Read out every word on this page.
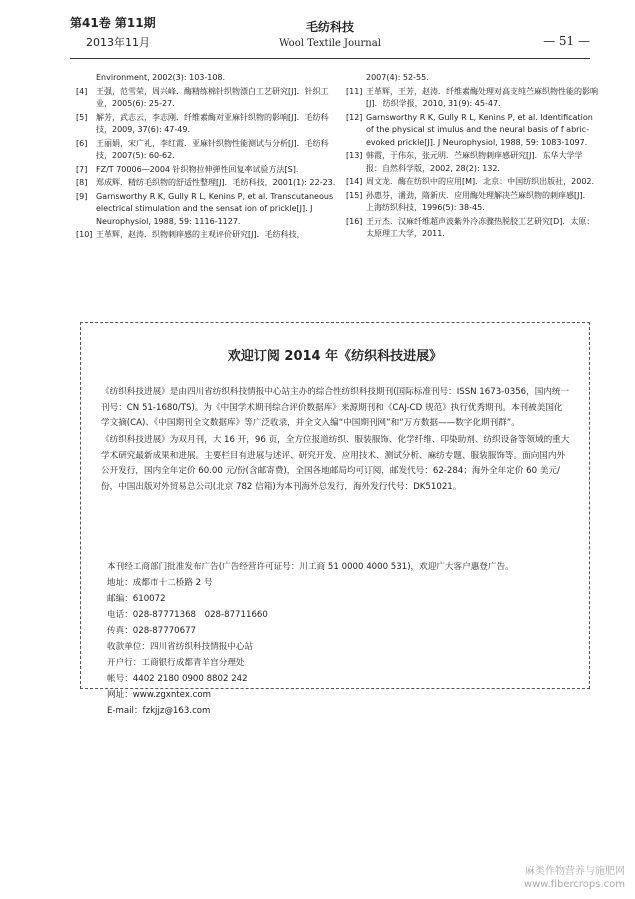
第41卷 第11期
2013年11月
毛纺科技
Wool Textile Journal	— 51 —
Environment, 2002(3): 103-108.
[4]	王强，范雪荣，周兴峰．酶精练棉针织物漂白工艺研究[J]．针织工业，2005(6): 25-27.
[5]	解芳，武志云，李志刚．纤维素酶对亚麻针织物的影响[J]．毛纺科技，2009, 37(6): 47-49.
[6]	王丽娟，宋广礼，李红霞．亚麻针织物性能测试与分析[J]．毛纺科技，2007(5): 60-62.
[7]	FZ/T 70006—2004 针织物拉伸弹性回复率试验方法[S].
[8]	郑成辉．精纺毛织物的舒适性整理[J]．毛纺科技，2001(1): 22-23.
[9]	Garnsworthy R K, Gully R L, Kenins P, et al. Transcutaneous electrical stimulation and the sensat ion of prickle[J]. J Neurophysiol, 1988, 59: 1116-1127.
[10] 王革辉，赵涛．织物刺痒感的主观评价研究[J]．毛纺科技，
2007(4): 52-55.
[11] 王革辉，王芳，赵涛．纤维素酶处理对高支纯苎麻织物性能的影响[J]．纺织学报，2010, 31(9): 45-47.
[12] Garnsworthy R K, Gully R L, Kenins P, et al. Identification of the physical st imulus and the neural basis of f abric-evoked prickle[J]. J Neurophysiol, 1988, 59: 1083-1097.
[13] 韩霞，于伟东，张元明．苎麻织物刺痒感研究[J]．东华大学学报：自然科学版，2002, 28(2): 132.
[14] 周文龙．酶在纺织中的应用[M]．北京：中国纺织出版社，2002.
[15] 孙惠芬，潘劲，隋新庆．应用酶处理解决苎麻织物的刺痒感[J]．上海纺织科技，1996(5): 38-45.
[16] 王亓杰．汉麻纤维超声波紫外冷冻骤热脱胶工艺研究[D]．太原：太原理工大学，2011.
欢迎订阅 2014 年《纺织科技进展》
《纺织科技进展》是由四川省纺织科技情报中心站主办的综合性纺织科技期刊(国际标准刊号：ISSN 1673-0356，国内统一刊号：CN 51-1680/TS)。为《中国学术期刊综合评价数据库》来源期刊和《CAJ-CD 规范》执行优秀期刊。本刊被美国化学文摘(CA)、《中国期刊全文数据库》等广泛收录，并全文入编“中国期刊网”和“万方数据——数字化期刊群”。
《纺织科技进展》为双月刊，大 16 开，96 页，全方位报道纺织、服装服饰、化学纤维、印染助剂、纺织设备等领域的重大学术研究最新成果和进展。主要栏目有进展与述评、研究开发、应用技术、测试分析、麻纺专题、服装服饰等。面向国内外公开发行，国内全年定价 60.00 元/份(含邮寄费)，全国各地邮局均可订阅，邮发代号：62-284；海外全年定价 60 美元/份，中国出版对外贸易总公司(北京 782 信箱)为本刊海外总发行，海外发行代号：DK51021。
本刊经工商部门批准发布广告(广告经营许可证号：川工商 51 0000 4000 531)，欢迎广大客户惠登广告。
地址：成都市十二桥路 2 号
邮编：610072
电话：028-87771368　028-87711660
传真：028-87770677
收款单位：四川省纺织科技情报中心站
开户行：工商银行成都青羊宫分理处
帐号：4402 2180 0900 8802 242
网址：www.zgxntex.com
E-mail：fzkjjz@163.com
麻类作物营养与施肥网
www.fibercrops.com
